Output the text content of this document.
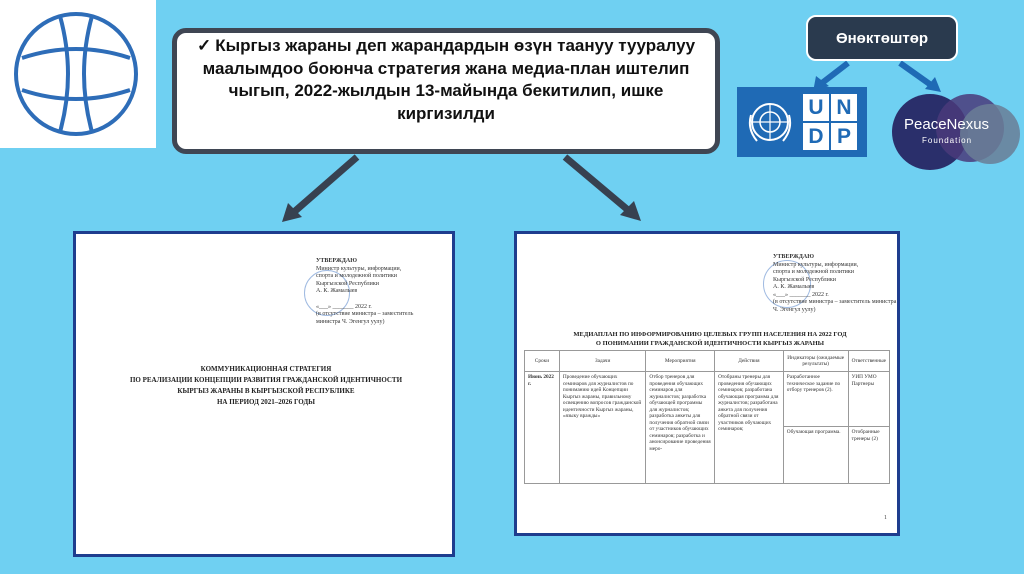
✓ Кыргыз жараны деп жарандардын өзүн таануу тууралуу маалымдоо боюнча стратегия жана медиа-план иштелип чыгып, 2022-жылдын 13-майында бекитилип, ишке киргизилди
Өнөктөштөр
U N
D P	PeaceNexus
Foundation
УТВЕРЖДАЮ
Министр культуры, информации,
спорта и молодежной политики
Кыргызской Республики
А. К. Жамалыев
«___» _______ 2022 г.
(в отсутствие министра – заместитель
министра Ч. Эгенгул уулу)
КОММУНИКАЦИОННАЯ СТРАТЕГИЯ
ПО РЕАЛИЗАЦИИ КОНЦЕПЦИИ РАЗВИТИЯ ГРАЖДАНСКОЙ ИДЕНТИЧНОСТИ
КЫРГЫЗ ЖАРАНЫ В КЫРГЫЗСКОЙ РЕСПУБЛИКЕ
НА ПЕРИОД 2021–2026 ГОДЫ
УТВЕРЖДАЮ
Министр культуры, информации,
спорта и молодежной политики
Кыргызской Республики
А. К. Жамалыев
«___» _______ 2022 г.
(в отсутствие министра – заместитель министра
Ч. Эгенгул уулу)
МЕДИАПЛАН ПО ИНФОРМИРОВАНИЮ ЦЕЛЕВЫХ ГРУПП НАСЕЛЕНИЯ НА 2022 ГОД
О ПОНИМАНИИ ГРАЖДАНСКОЙ ИДЕНТИЧНОСТИ КЫРГЫЗ ЖАРАНЫ
Сроки	Задачи	Мероприятия	Действия	Индикаторы (ожидаемые результаты)	Ответственные
Июнь 2022 г.	Проведение обучающих семинаров для журналистов по пониманию идей Концепции Кыргыз жараны, правильному освещению вопросов гражданской идентичности Кыргыз жараны, «языку вражды»	Отбор тренеров для проведения обучающих семинаров для журналистов; разработка обучающей программы для журналистов; разработка анкеты для получения обратной связи от участников обучающих семинаров; разработка и анонсирование проведения меро-	Отобраны тренеры для проведения обучающих семинаров; разработана обучающая программа для журналистов; разработана анкета для получения обратной связи от участников обучающих семинаров;	Разработанное техническое задание по отбору тренеров (2).	УИП УМО Партнеры
				Обучающая программа.	Отобранные тренеры (2)
1
